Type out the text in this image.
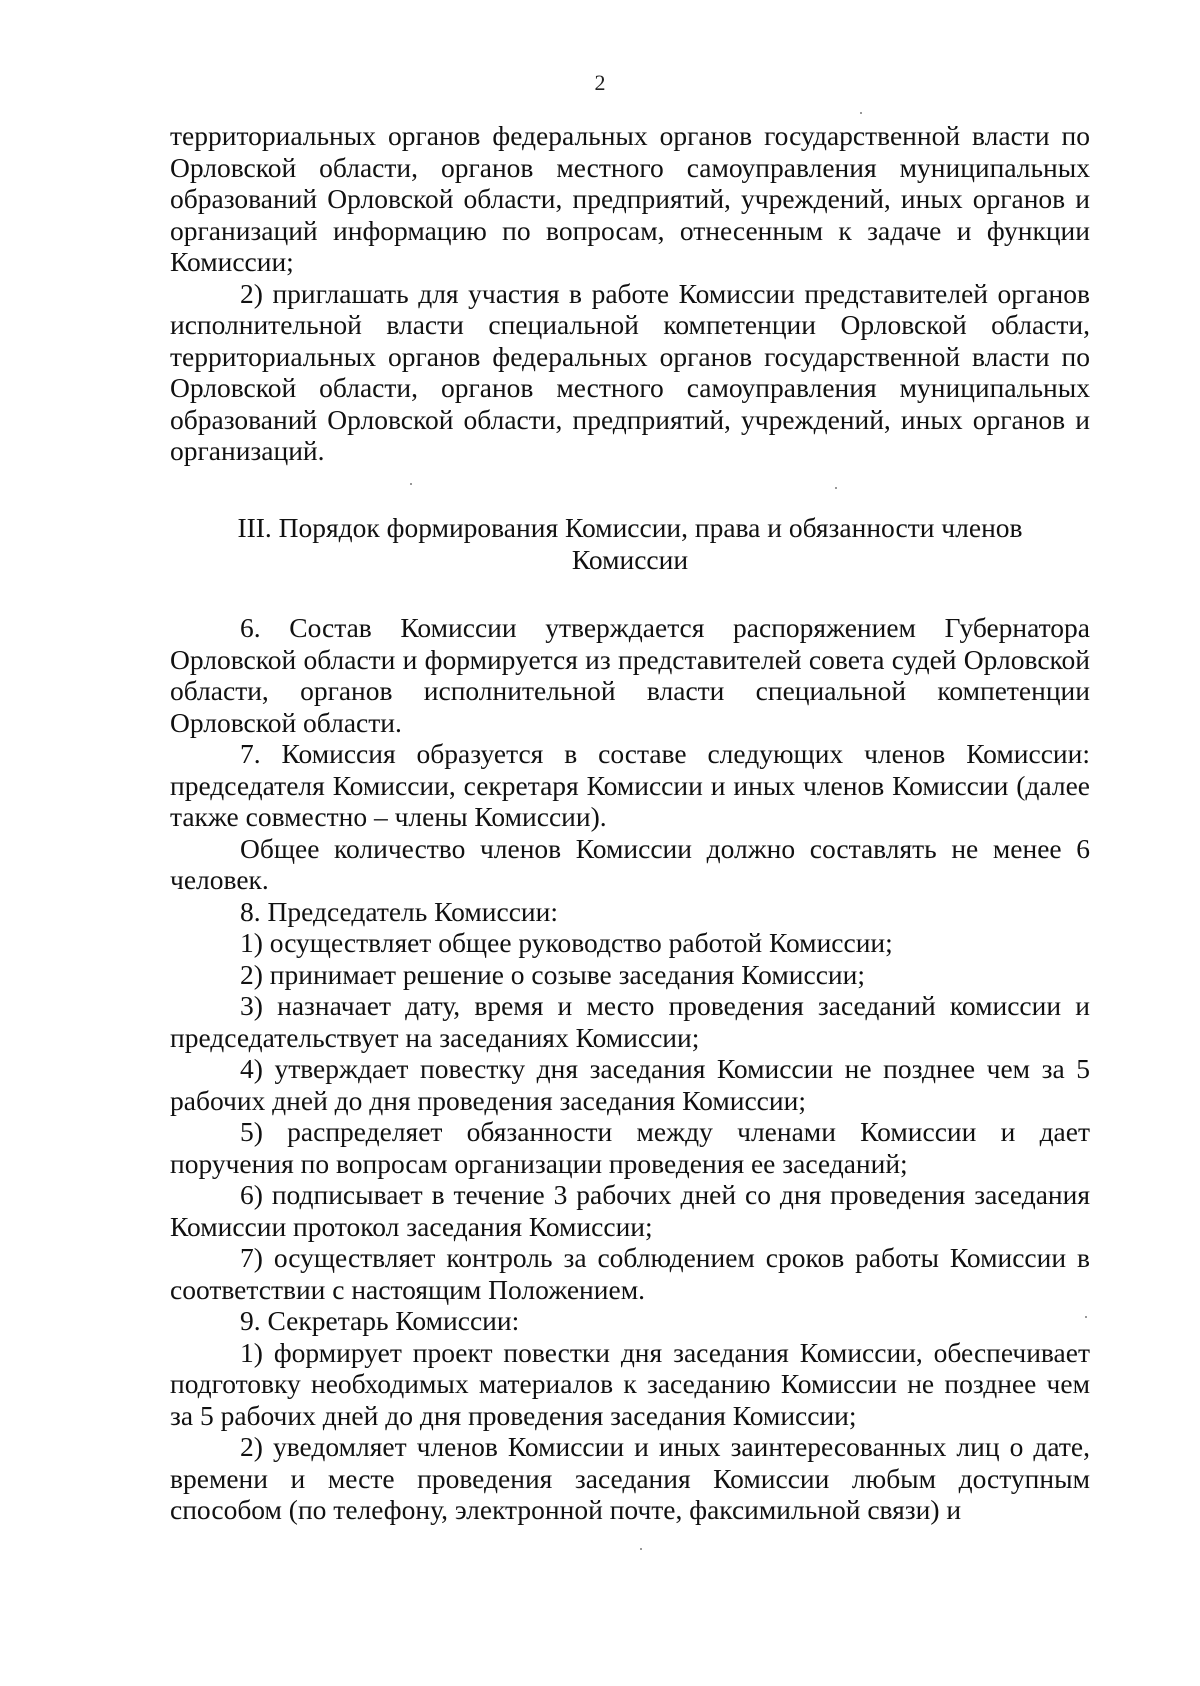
2

территориальных органов федеральных органов государственной власти по Орловской области, органов местного самоуправления муниципальных образований Орловской области, предприятий, учреждений, иных органов и организаций информацию по вопросам, отнесенным к задаче и функции Комиссии;

2) приглашать для участия в работе Комиссии представителей органов исполнительной власти специальной компетенции Орловской области, территориальных органов федеральных органов государственной власти по Орловской области, органов местного самоуправления муниципальных образований Орловской области, предприятий, учреждений, иных органов и организаций.

III. Порядок формирования Комиссии, права и обязанности членов
Комиссии

6. Состав Комиссии утверждается распоряжением Губернатора Орловской области и формируется из представителей совета судей Орловской области, органов исполнительной власти специальной компетенции Орловской области.

7. Комиссия образуется в составе следующих членов Комиссии: председателя Комиссии, секретаря Комиссии и иных членов Комиссии (далее также совместно – члены Комиссии).

Общее количество членов Комиссии должно составлять не менее 6 человек.

8. Председатель Комиссии:

1) осуществляет общее руководство работой Комиссии;

2) принимает решение о созыве заседания Комиссии;

3) назначает дату, время и место проведения заседаний комиссии и председательствует на заседаниях Комиссии;

4) утверждает повестку дня заседания Комиссии не позднее чем за 5 рабочих дней до дня проведения заседания Комиссии;

5) распределяет обязанности между членами Комиссии и дает поручения по вопросам организации проведения ее заседаний;

6) подписывает в течение 3 рабочих дней со дня проведения заседания Комиссии протокол заседания Комиссии;

7) осуществляет контроль за соблюдением сроков работы Комиссии в соответствии с настоящим Положением.

9. Секретарь Комиссии:

1) формирует проект повестки дня заседания Комиссии, обеспечивает подготовку необходимых материалов к заседанию Комиссии не позднее чем за 5 рабочих дней до дня проведения заседания Комиссии;

2) уведомляет членов Комиссии и иных заинтересованных лиц о дате, времени и месте проведения заседания Комиссии любым доступным способом (по телефону, электронной почте, факсимильной связи) и
